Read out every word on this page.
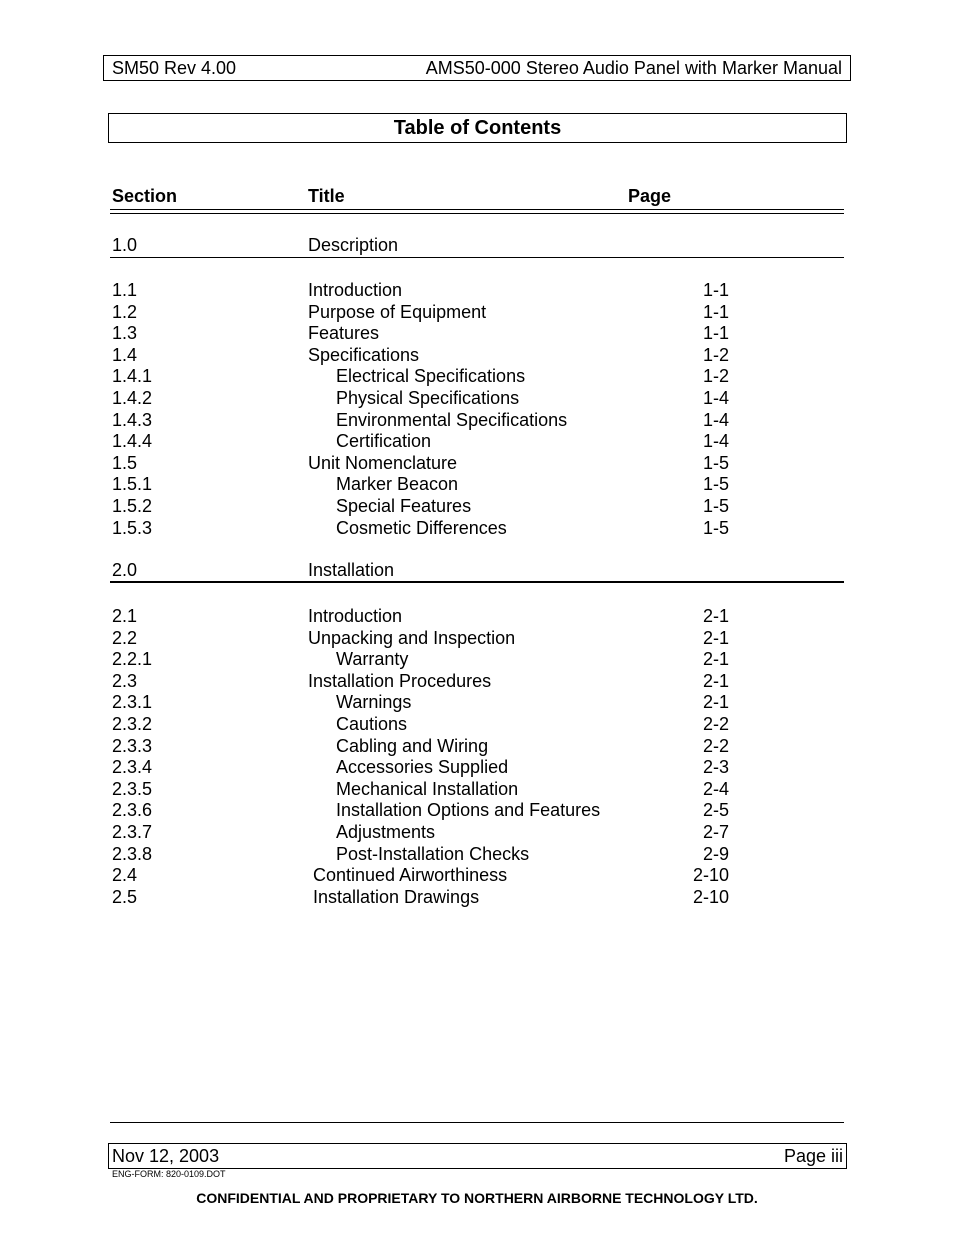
SM50 Rev 4.00	AMS50-000 Stereo Audio Panel with Marker Manual
Table of Contents
Section	Title	Page
1.0	Description
1.1	Introduction	1-1
1.2	Purpose of Equipment	1-1
1.3	Features	1-1
1.4	Specifications	1-2
1.4.1	Electrical Specifications	1-2
1.4.2	Physical Specifications	1-4
1.4.3	Environmental Specifications	1-4
1.4.4	Certification	1-4
1.5	Unit Nomenclature	1-5
1.5.1	Marker Beacon	1-5
1.5.2	Special Features	1-5
1.5.3	Cosmetic Differences	1-5
2.0	Installation
2.1	Introduction	2-1
2.2	Unpacking and Inspection	2-1
2.2.1	Warranty	2-1
2.3	Installation Procedures	2-1
2.3.1	Warnings	2-1
2.3.2	Cautions	2-2
2.3.3	Cabling and Wiring	2-2
2.3.4	Accessories Supplied	2-3
2.3.5	Mechanical Installation	2-4
2.3.6	Installation Options and Features	2-5
2.3.7	Adjustments	2-7
2.3.8	Post-Installation Checks	2-9
2.4	Continued Airworthiness	2-10
2.5	Installation Drawings	2-10
Nov 12, 2003	Page iii
ENG-FORM: 820-0109.DOT
CONFIDENTIAL AND PROPRIETARY TO NORTHERN AIRBORNE TECHNOLOGY LTD.
